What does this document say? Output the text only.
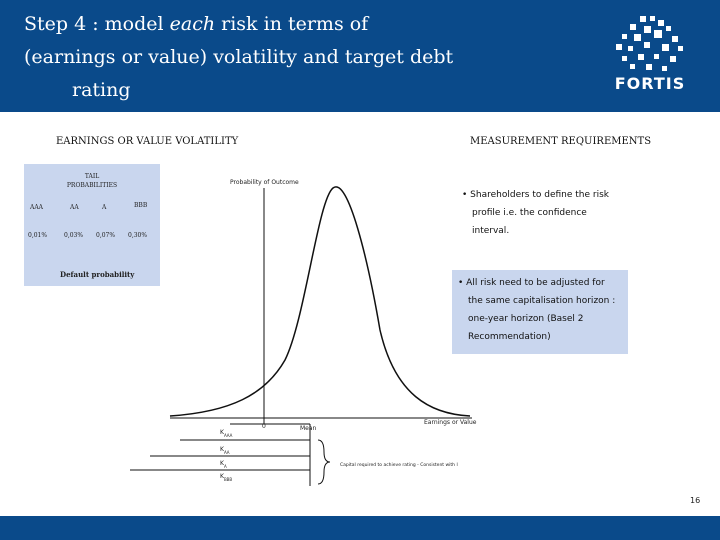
Step 4 : model each risk in terms of
(earnings or value) volatility and target debt
rating	FORTIS
EARNINGS OR VALUE VOLATILITY	MEASUREMENT REQUIREMENTS
TAIL
PROBABILITIES
AAA	AA	A	BBB
0,01%	0,03% 0,07% 0,30%
Default probability
Probability of Outcome
0	Mean
Earnings or Value
$K_{AAA}$
$K_{AA}$
$K_A$
$K_{BBB}$
Capital required to achieve rating - Consistent with l
• Shareholders to define the risk
profile i.e. the confidence
interval.
• All risk need to be adjusted for
the same capitalisation horizon :
one-year horizon (Basel 2
Recommendation)
16
